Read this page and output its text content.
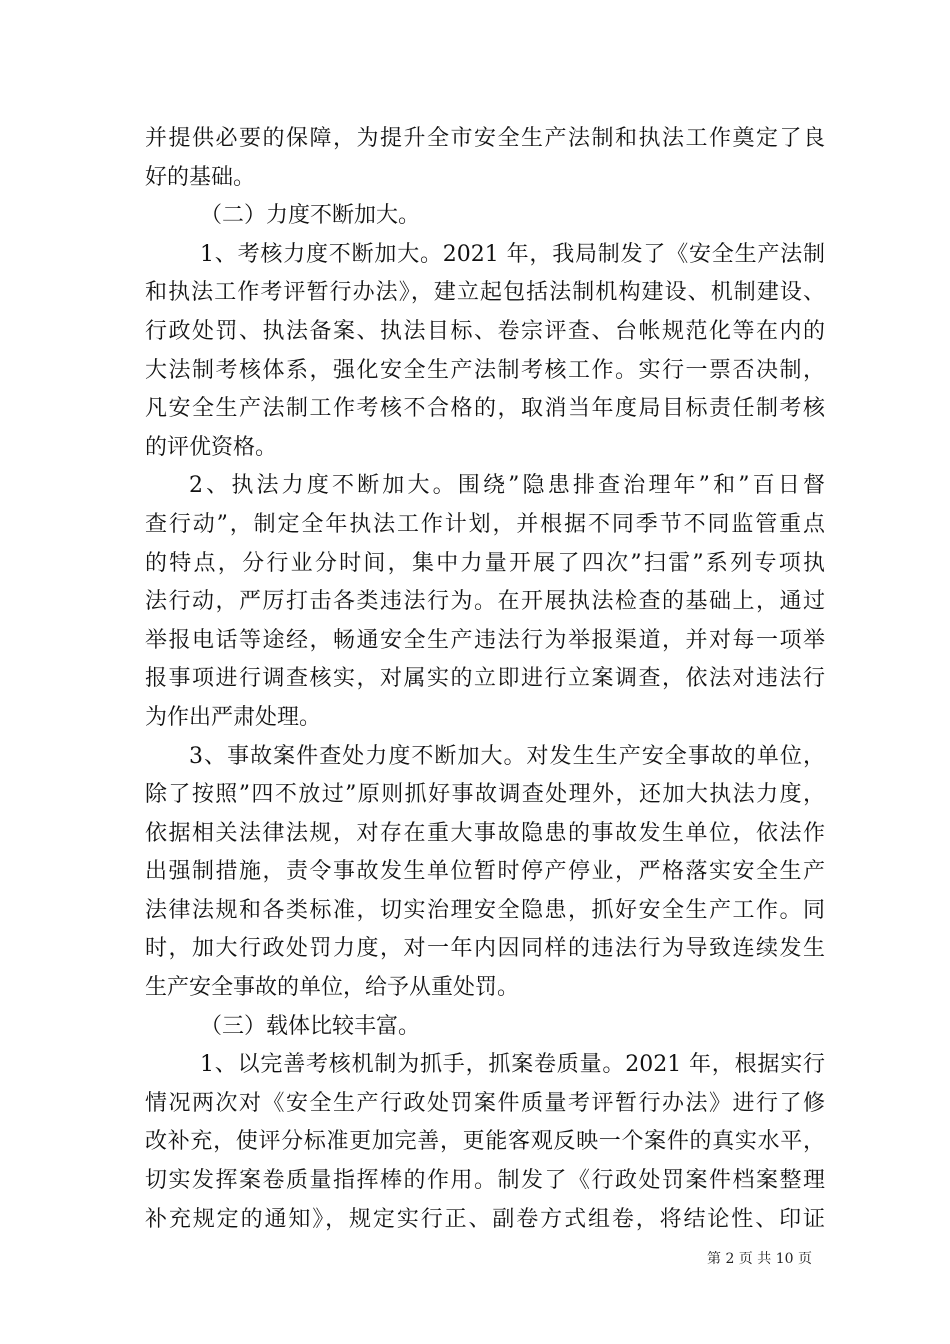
并提供必要的保障，为提升全市安全生产法制和执法工作奠定了良
好的基础。
（二）力度不断加大。
1、考核力度不断加大。2021 年，我局制发了《安全生产法制
和执法工作考评暂行办法》，建立起包括法制机构建设、机制建设、
行政处罚、执法备案、执法目标、卷宗评查、台帐规范化等在内的
大法制考核体系，强化安全生产法制考核工作。实行一票否决制，
凡安全生产法制工作考核不合格的，取消当年度局目标责任制考核
的评优资格。
2、执法力度不断加大。围绕”隐患排查治理年”和”百日督
查行动”，制定全年执法工作计划，并根据不同季节不同监管重点
的特点，分行业分时间，集中力量开展了四次”扫雷”系列专项执
法行动，严厉打击各类违法行为。在开展执法检查的基础上，通过
举报电话等途经，畅通安全生产违法行为举报渠道，并对每一项举
报事项进行调查核实，对属实的立即进行立案调查，依法对违法行
为作出严肃处理。
3、事故案件查处力度不断加大。对发生生产安全事故的单位，
除了按照”四不放过”原则抓好事故调查处理外，还加大执法力度，
依据相关法律法规，对存在重大事故隐患的事故发生单位，依法作
出强制措施，责令事故发生单位暂时停产停业，严格落实安全生产
法律法规和各类标准，切实治理安全隐患，抓好安全生产工作。同
时，加大行政处罚力度，对一年内因同样的违法行为导致连续发生
生产安全事故的单位，给予从重处罚。
（三）载体比较丰富。
1、以完善考核机制为抓手，抓案卷质量。2021 年，根据实行
情况两次对《安全生产行政处罚案件质量考评暂行办法》进行了修
改补充，使评分标准更加完善，更能客观反映一个案件的真实水平，
切实发挥案卷质量指挥棒的作用。制发了《行政处罚案件档案整理
补充规定的通知》，规定实行正、副卷方式组卷，将结论性、印证
第 2 页 共 10 页
